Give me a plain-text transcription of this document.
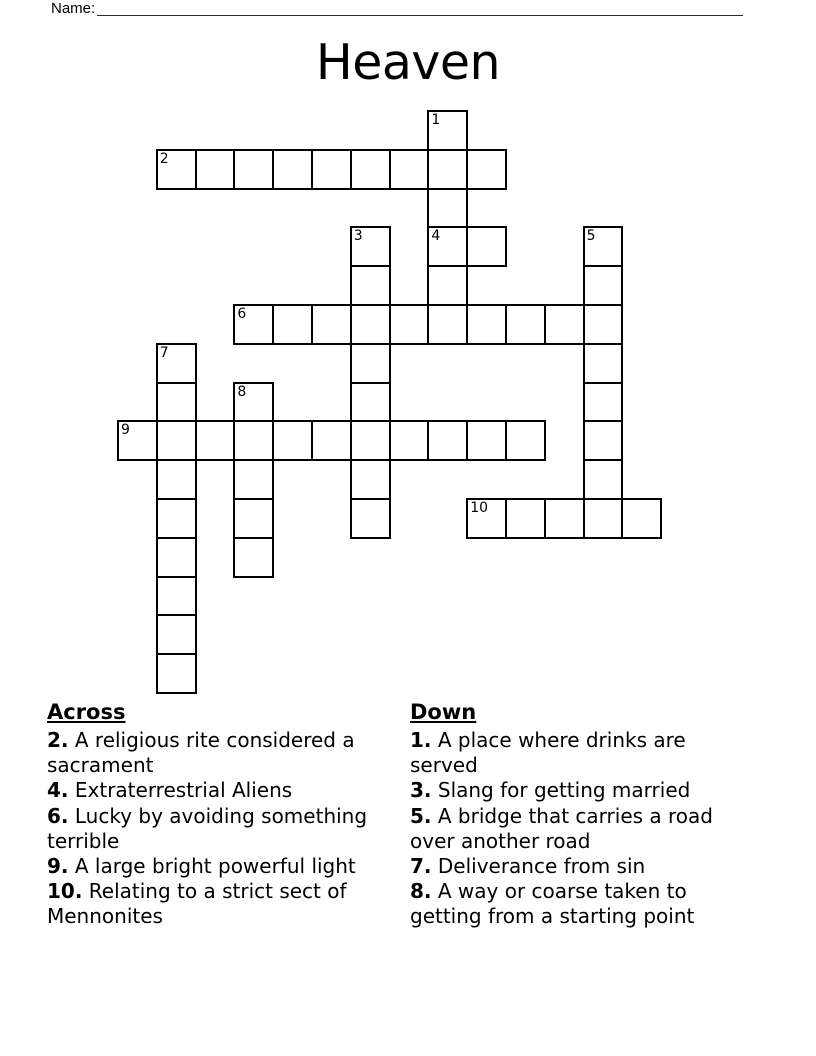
Name:
Heaven
1
2
3	4	5
6
7
8
9
10
Across

2. A religious rite considered a sacrament

4. Extraterrestrial Aliens

6. Lucky by avoiding something terrible

9. A large bright powerful light

10. Relating to a strict sect of Mennonites

Down

1. A place where drinks are served

3. Slang for getting married

5. A bridge that carries a road over another road

7. Deliverance from sin

8. A way or coarse taken to getting from a starting point
